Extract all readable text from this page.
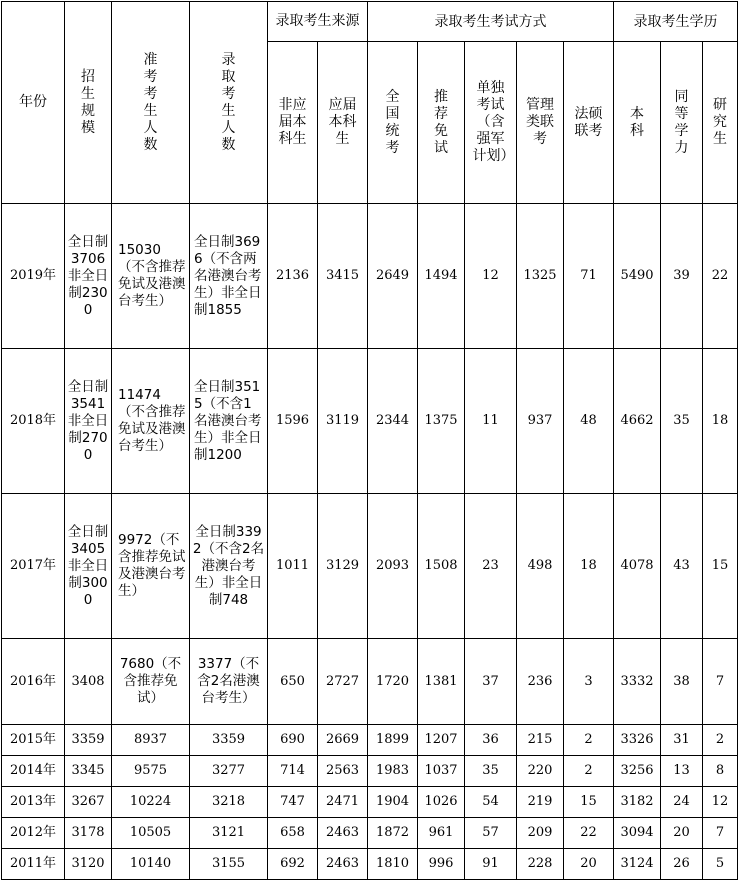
年份	招生规模	准考考生人数	录取考生人数	录取考生来源		录取考生考试方式					录取考生学历		

				非应届本科生	应届本科生	全国统考	推荐免试	单独考试（含强军计划）	管理类联考	法硕联考	本科	同等学力	研究生

2019年	全日制3706非全日制2300	15030（不含推荐免试及港澳台考生）	全日制3696（不含两名港澳台考生）非全日制1855	2136	3415	2649	1494	12	1325	71	5490	39	22
2018年	全日制3541非全日制2700	11474（不含推荐免试及港澳台考生）	全日制3515（不含1名港澳台考生）非全日制1200	1596	3119	2344	1375	11	937	48	4662	35	18
2017年	全日制3405非全日制3000	9972（不含推荐免试及港澳台考生）	全日制3392（不含2名港澳台考生）非全日制748	1011	3129	2093	1508	23	498	18	4078	43	15
2016年	3408	7680（不含推荐免试）	3377（不含2名港澳台考生）	650	2727	1720	1381	37	236	3	3332	38	7
2015年	3359	8937	3359	690	2669	1899	1207	36	215	2	3326	31	2
2014年	3345	9575	3277	714	2563	1983	1037	35	220	2	3256	13	8
2013年	3267	10224	3218	747	2471	1904	1026	54	219	15	3182	24	12
2012年	3178	10505	3121	658	2463	1872	961	57	209	22	3094	20	7
2011年	3120	10140	3155	692	2463	1810	996	91	228	20	3124	26	5
